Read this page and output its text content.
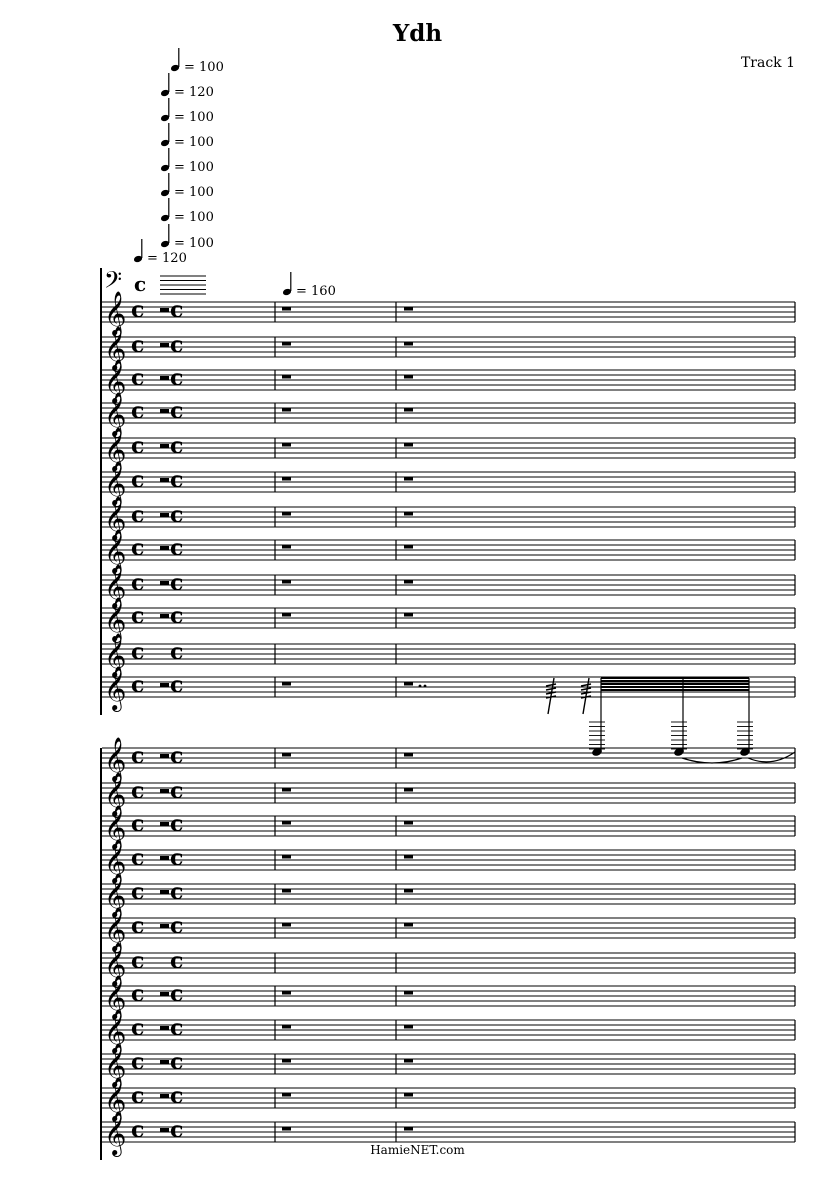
Ydh
Track 1
= 100
= 120
= 100
= 100
= 100
= 100
= 100
= 100
= 120
= 160
𝄢 c
𝄞 c c
𝄞 c c
𝄞 c c
𝄞 c c
𝄞 c c
𝄞 c c
𝄞 c c
𝄞 c c
𝄞 c c
𝄞 c c
𝄞 c c
𝄞 c c
𝄞 c c
𝄞 c c
𝄞 c c
𝄞 c c
𝄞 c c
𝄞 c c
𝄞 c c
𝄞 c c
𝄞 c c
𝄞 c c
𝄞 c c
𝄞 c c
HamieNET.com
